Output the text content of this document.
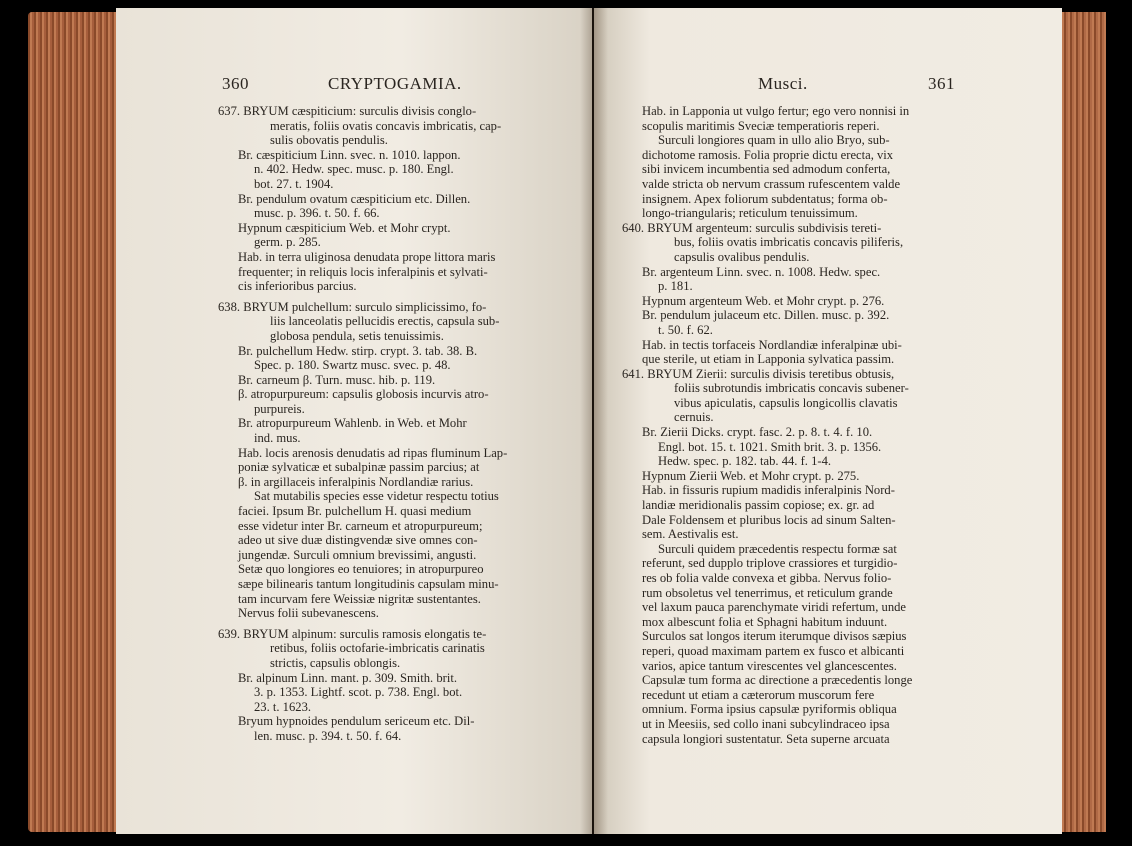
360	CRYPTOGAMIA.	Musci.	361

637. BRYUM cæspiticium: surculis divisis conglo-

meratis, foliis ovatis concavis imbricatis, cap-

sulis obovatis pendulis.

Br. cæspiticium Linn. svec. n. 1010. lappon.

n. 402. Hedw. spec. musc. p. 180. Engl.

bot. 27. t. 1904.

Br. pendulum ovatum cæspiticium etc. Dillen.

musc. p. 396. t. 50. f. 66.

Hypnum cæspiticium Web. et Mohr crypt.

germ. p. 285.

Hab. in terra uliginosa denudata prope littora maris

frequenter; in reliquis locis inferalpinis et sylvati-

cis inferioribus parcius.

638. BRYUM pulchellum: surculo simplicissimo, fo-

liis lanceolatis pellucidis erectis, capsula sub-

globosa pendula, setis tenuissimis.

Br. pulchellum Hedw. stirp. crypt. 3. tab. 38. B.

Spec. p. 180. Swartz musc. svec. p. 48.

Br. carneum β. Turn. musc. hib. p. 119.

β. atropurpureum: capsulis globosis incurvis atro-

purpureis.

Br. atropurpureum Wahlenb. in Web. et Mohr

ind. mus.

Hab. locis arenosis denudatis ad ripas fluminum Lap-

poniæ sylvaticæ et subalpinæ passim parcius; at

β. in argillaceis inferalpinis Nordlandiæ rarius.

Sat mutabilis species esse videtur respectu totius

faciei. Ipsum Br. pulchellum H. quasi medium

esse videtur inter Br. carneum et atropurpureum;

adeo ut sive duæ distingvendæ sive omnes con-

jungendæ. Surculi omnium brevissimi, angusti.

Setæ quo longiores eo tenuiores; in atropurpureo

sæpe bilinearis tantum longitudinis capsulam minu-

tam incurvam fere Weissiæ nigritæ sustentantes.

Nervus folii subevanescens.

639. BRYUM alpinum: surculis ramosis elongatis te-

retibus, foliis octofarie-imbricatis carinatis

strictis, capsulis oblongis.

Br. alpinum Linn. mant. p. 309. Smith. brit.

3. p. 1353. Lightf. scot. p. 738. Engl. bot.

23. t. 1623.

Bryum hypnoides pendulum sericeum etc. Dil-

len. musc. p. 394. t. 50. f. 64.

Hab. in Lapponia ut vulgo fertur; ego vero nonnisi in

scopulis maritimis Sveciæ temperatioris reperi.

Surculi longiores quam in ullo alio Bryo, sub-

dichotome ramosis. Folia proprie dictu erecta, vix

sibi invicem incumbentia sed admodum conferta,

valde stricta ob nervum crassum rufescentem valde

insignem. Apex foliorum subdentatus; forma ob-

longo-triangularis; reticulum tenuissimum.

640. BRYUM argenteum: surculis subdivisis tereti-

bus, foliis ovatis imbricatis concavis piliferis,

capsulis ovalibus pendulis.

Br. argenteum Linn. svec. n. 1008. Hedw. spec.

p. 181.

Hypnum argenteum Web. et Mohr crypt. p. 276.

Br. pendulum julaceum etc. Dillen. musc. p. 392.

t. 50. f. 62.

Hab. in tectis torfaceis Nordlandiæ inferalpinæ ubi-

que sterile, ut etiam in Lapponia sylvatica passim.

641. BRYUM Zierii: surculis divisis teretibus obtusis,

foliis subrotundis imbricatis concavis subener-

vibus apiculatis, capsulis longicollis clavatis

cernuis.

Br. Zierii Dicks. crypt. fasc. 2. p. 8. t. 4. f. 10.

Engl. bot. 15. t. 1021. Smith brit. 3. p. 1356.

Hedw. spec. p. 182. tab. 44. f. 1-4.

Hypnum Zierii Web. et Mohr crypt. p. 275.

Hab. in fissuris rupium madidis inferalpinis Nord-

landiæ meridionalis passim copiose; ex. gr. ad

Dale Foldensem et pluribus locis ad sinum Salten-

sem. Aestivalis est.

Surculi quidem præcedentis respectu formæ sat

referunt, sed dupplo triplove crassiores et turgidio-

res ob folia valde convexa et gibba. Nervus folio-

rum obsoletus vel tenerrimus, et reticulum grande

vel laxum pauca parenchymate viridi refertum, unde

mox albescunt folia et Sphagni habitum induunt.

Surculos sat longos iterum iterumque divisos sæpius

reperi, quoad maximam partem ex fusco et albicanti

varios, apice tantum virescentes vel glancescentes.

Capsulæ tum forma ac directione a præcedentis longe

recedunt ut etiam a cæterorum muscorum fere

omnium. Forma ipsius capsulæ pyriformis obliqua

ut in Meesiis, sed collo inani subcylindraceo ipsa

capsula longiori sustentatur. Seta superne arcuata
